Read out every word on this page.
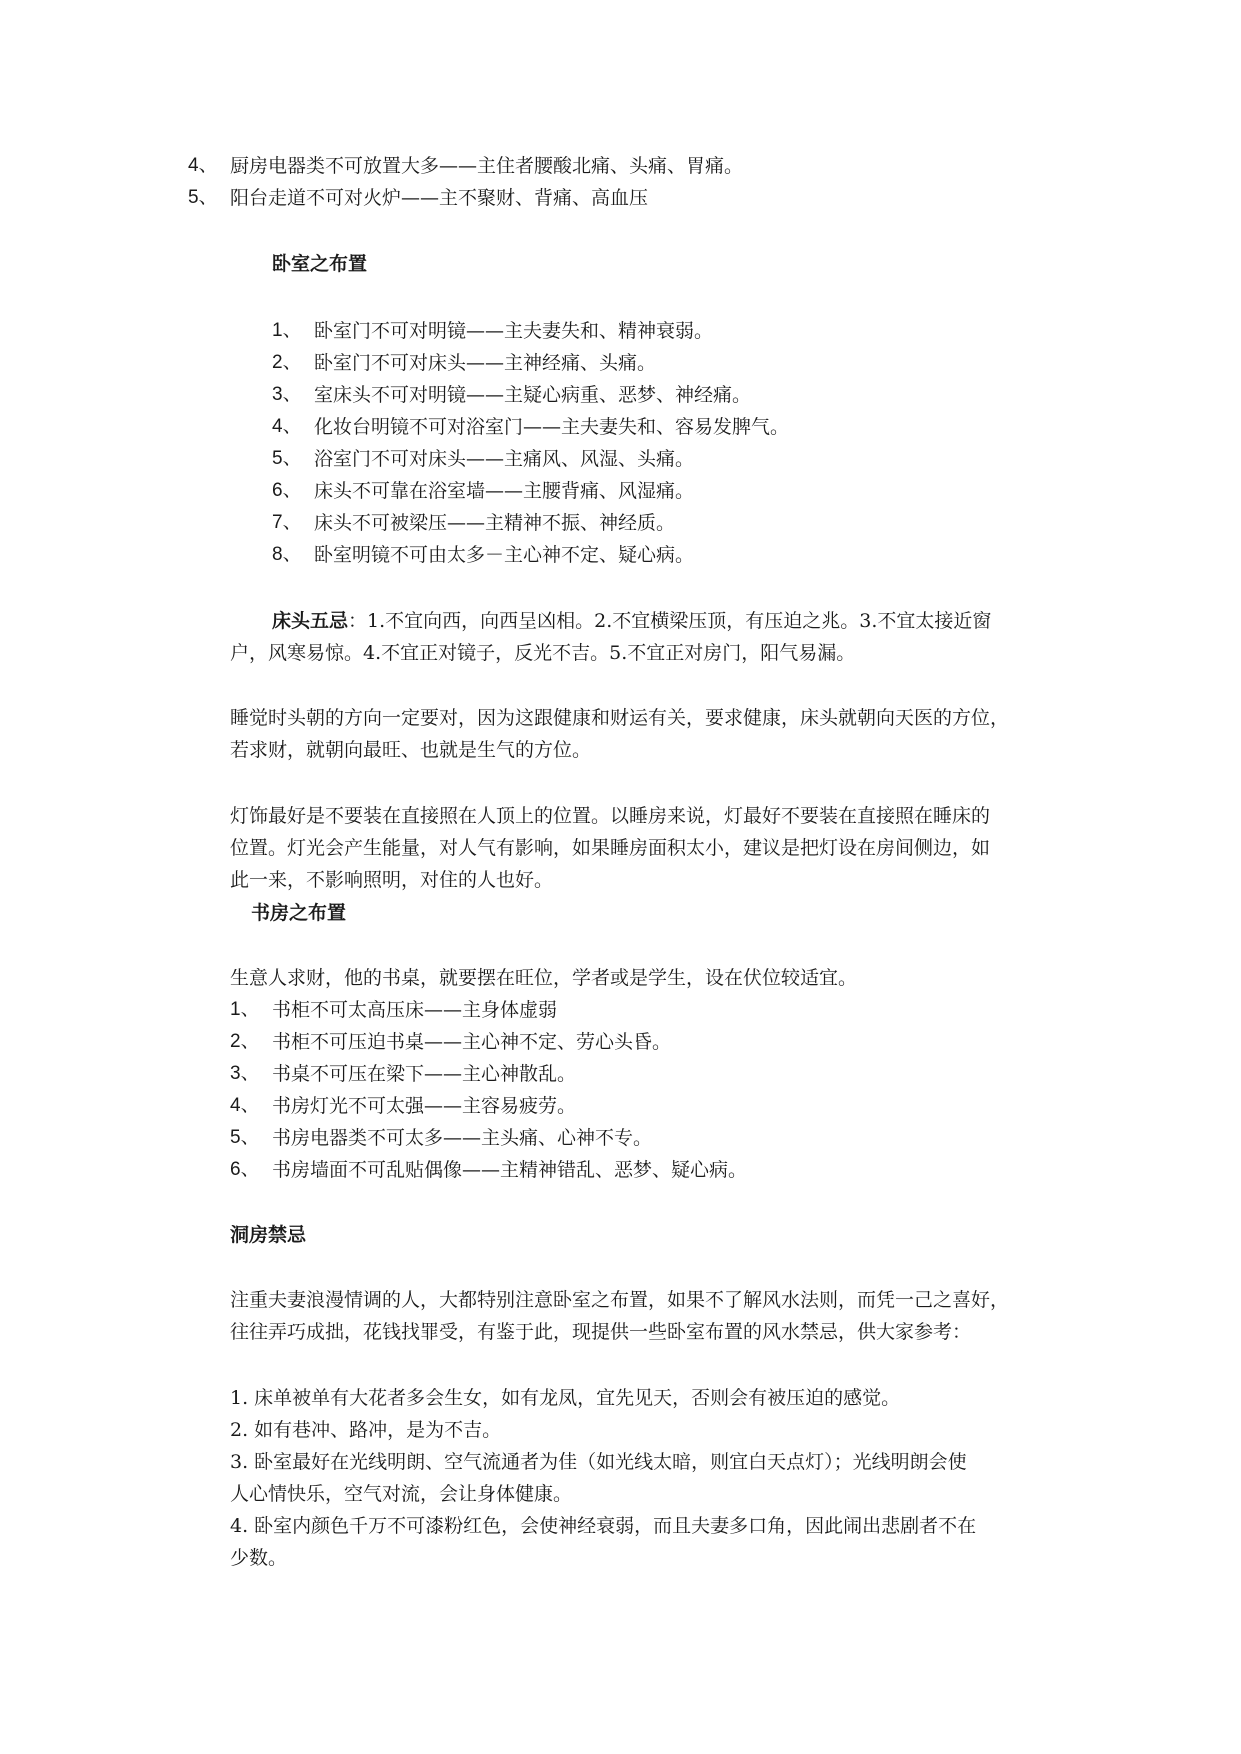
4、 厨房电器类不可放置大多——主住者腰酸北痛、头痛、胃痛。
5、 阳台走道不可对火炉——主不聚财、背痛、高血压
卧室之布置
1、 卧室门不可对明镜——主夫妻失和、精神衰弱。
2、 卧室门不可对床头——主神经痛、头痛。
3、 室床头不可对明镜——主疑心病重、恶梦、神经痛。
4、 化妆台明镜不可对浴室门——主夫妻失和、容易发脾气。
5、 浴室门不可对床头——主痛风、风湿、头痛。
6、 床头不可靠在浴室墙——主腰背痛、风湿痛。
7、 床头不可被梁压——主精神不振、神经质。
8、 卧室明镜不可由太多－主心神不定、疑心病。
床头五忌：1.不宜向西，向西呈凶相。2.不宜横梁压顶，有压迫之兆。3.不宜太接近窗
户，风寒易惊。4.不宜正对镜子，反光不吉。5.不宜正对房门，阳气易漏。
睡觉时头朝的方向一定要对，因为这跟健康和财运有关，要求健康，床头就朝向天医的方位，
若求财，就朝向最旺、也就是生气的方位。
灯饰最好是不要装在直接照在人顶上的位置。以睡房来说，灯最好不要装在直接照在睡床的
位置。灯光会产生能量，对人气有影响，如果睡房面积太小，建议是把灯设在房间侧边，如
此一来，不影响照明，对住的人也好。
书房之布置
生意人求财，他的书桌，就要摆在旺位，学者或是学生，设在伏位较适宜。
1、 书柜不可太高压床——主身体虚弱
2、 书柜不可压迫书桌——主心神不定、劳心头昏。
3、 书桌不可压在梁下——主心神散乱。
4、 书房灯光不可太强——主容易疲劳。
5、 书房电器类不可太多——主头痛、心神不专。
6、 书房墙面不可乱贴偶像——主精神错乱、恶梦、疑心病。
洞房禁忌
注重夫妻浪漫情调的人，大都特别注意卧室之布置，如果不了解风水法则，而凭一己之喜好，
往往弄巧成拙，花钱找罪受，有鉴于此，现提供一些卧室布置的风水禁忌，供大家参考：
1. 床单被单有大花者多会生女，如有龙凤，宜先见天，否则会有被压迫的感觉。
2. 如有巷冲、路冲，是为不吉。
3. 卧室最好在光线明朗、空气流通者为佳（如光线太暗，则宜白天点灯）；光线明朗会使
人心情快乐，空气对流，会让身体健康。
4. 卧室内颜色千万不可漆粉红色，会使神经衰弱，而且夫妻多口角，因此闹出悲剧者不在
少数。
